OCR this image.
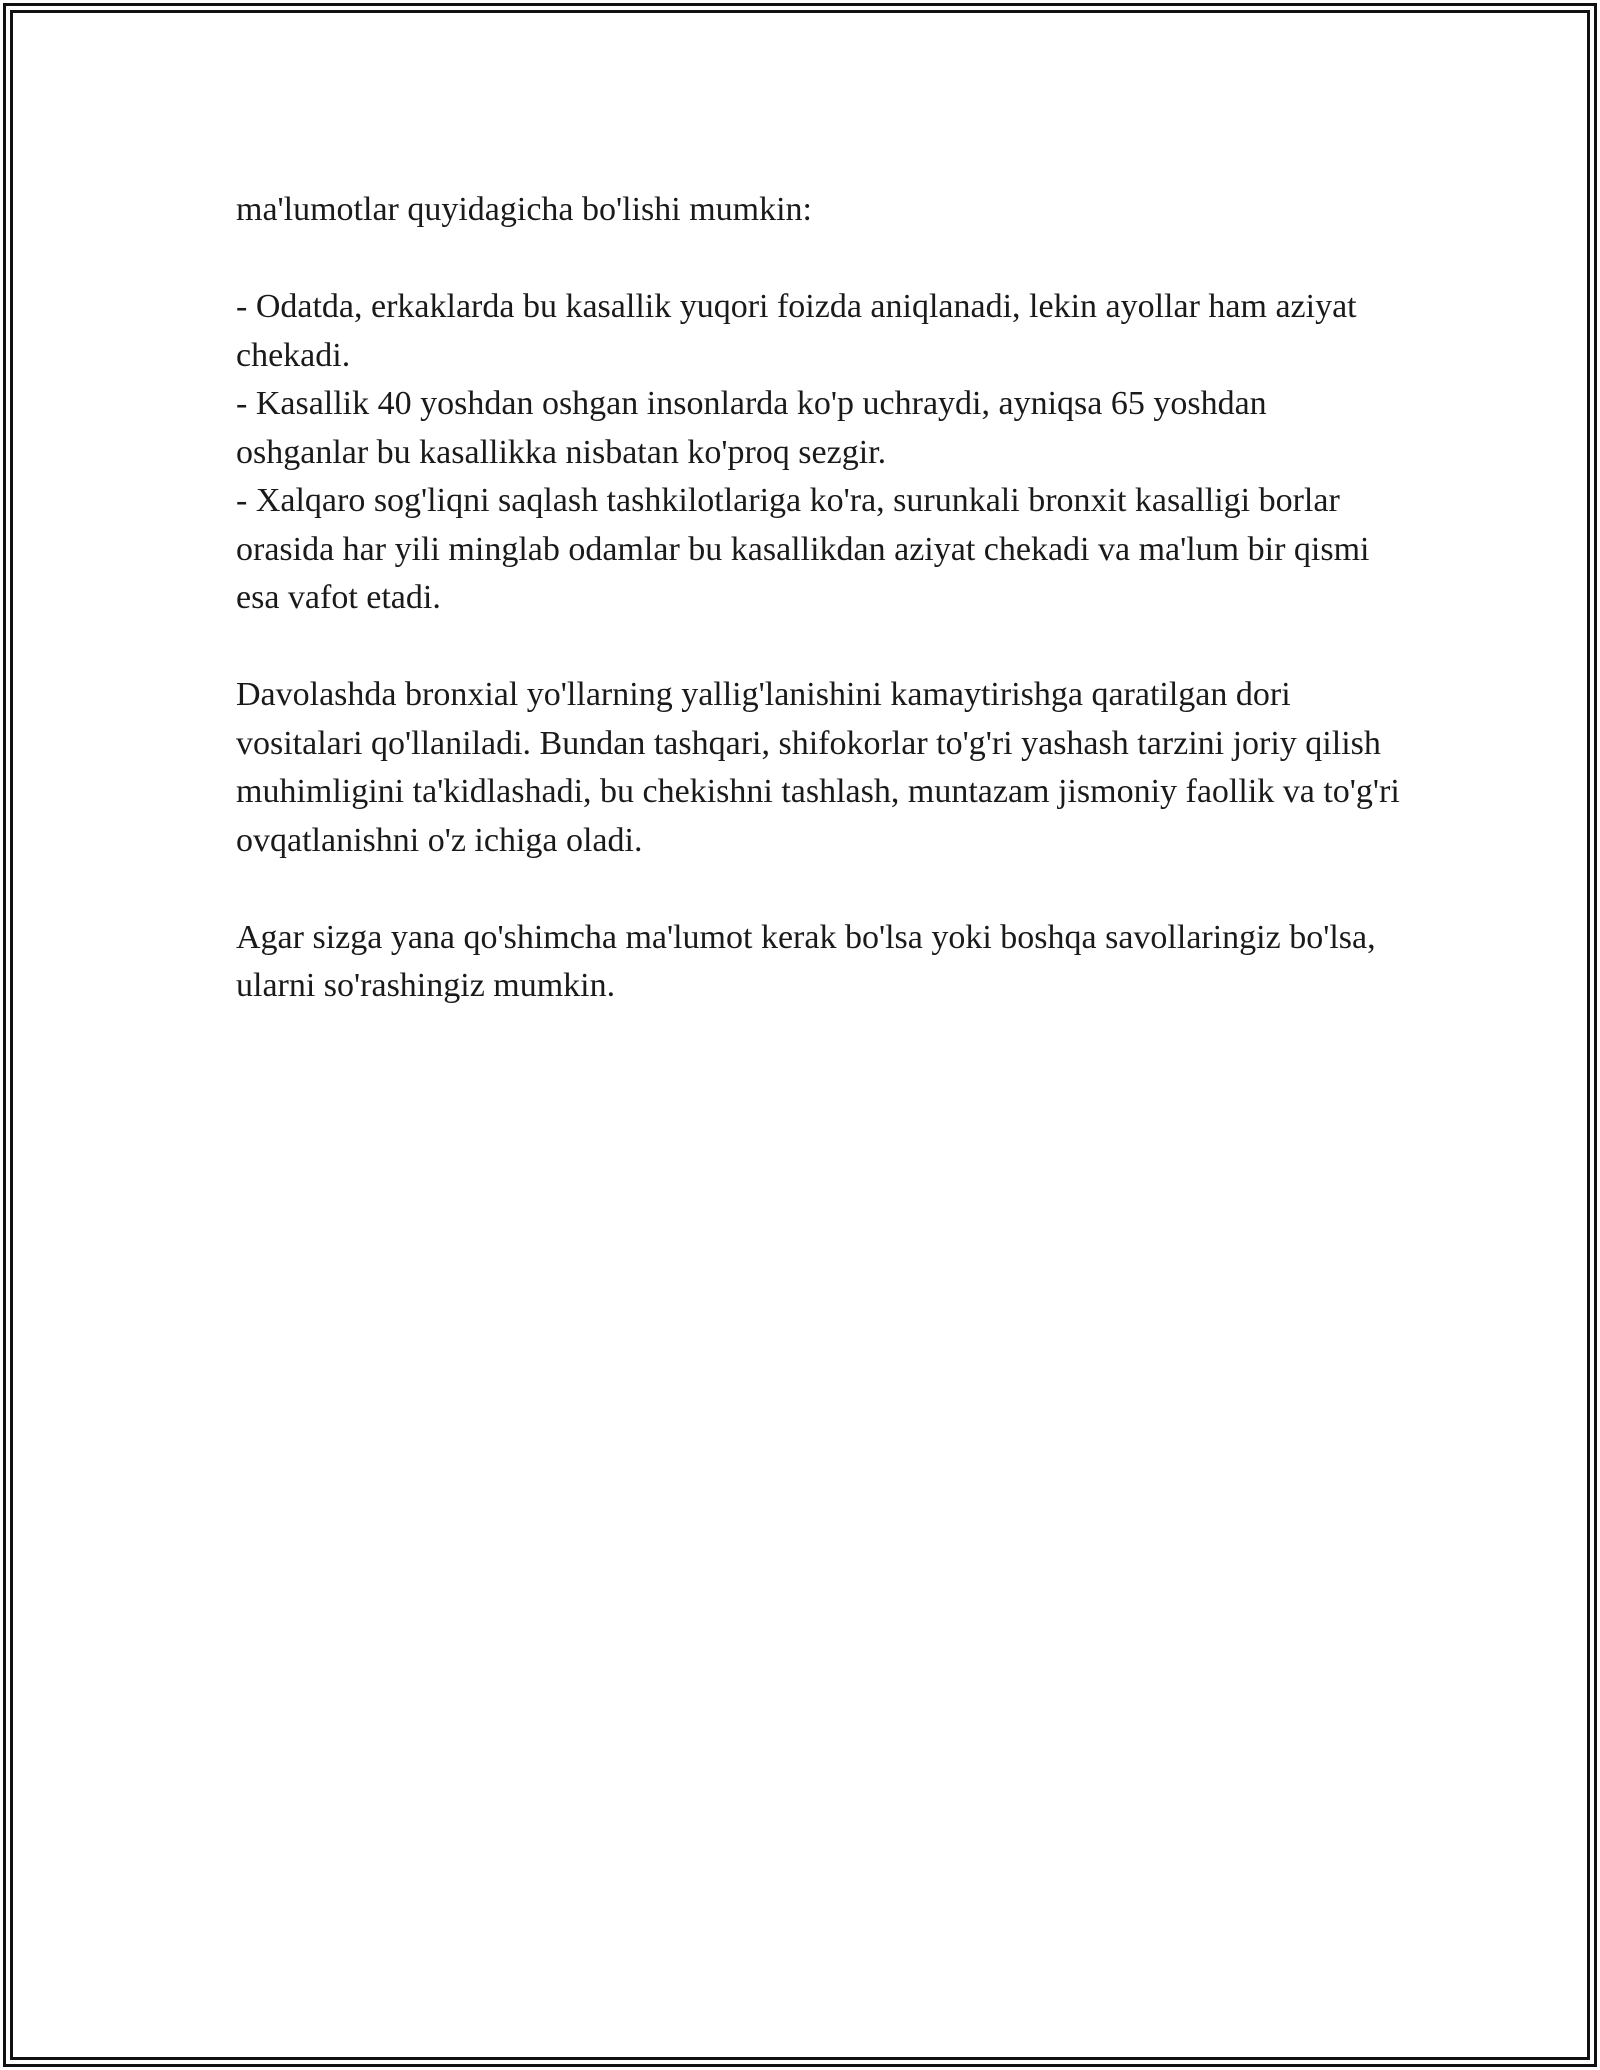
ma'lumotlar quyidagicha bo'lishi mumkin:

- Odatda, erkaklarda bu kasallik yuqori foizda aniqlanadi, lekin ayollar ham aziyat chekadi.

- Kasallik 40 yoshdan oshgan insonlarda ko'p uchraydi, ayniqsa 65 yoshdan oshganlar bu kasallikka nisbatan ko'proq sezgir.

- Xalqaro sog'liqni saqlash tashkilotlariga ko'ra, surunkali bronxit kasalligi borlar orasida har yili minglab odamlar bu kasallikdan aziyat chekadi va ma'lum bir qismi esa vafot etadi.

Davolashda bronxial yo'llarning yallig'lanishini kamaytirishga qaratilgan dori vositalari qo'llaniladi. Bundan tashqari, shifokorlar to'g'ri yashash tarzini joriy qilish muhimligini ta'kidlashadi, bu chekishni tashlash, muntazam jismoniy faollik va to'g'ri ovqatlanishni o'z ichiga oladi.

Agar sizga yana qo'shimcha ma'lumot kerak bo'lsa yoki boshqa savollaringiz bo'lsa, ularni so'rashingiz mumkin.
